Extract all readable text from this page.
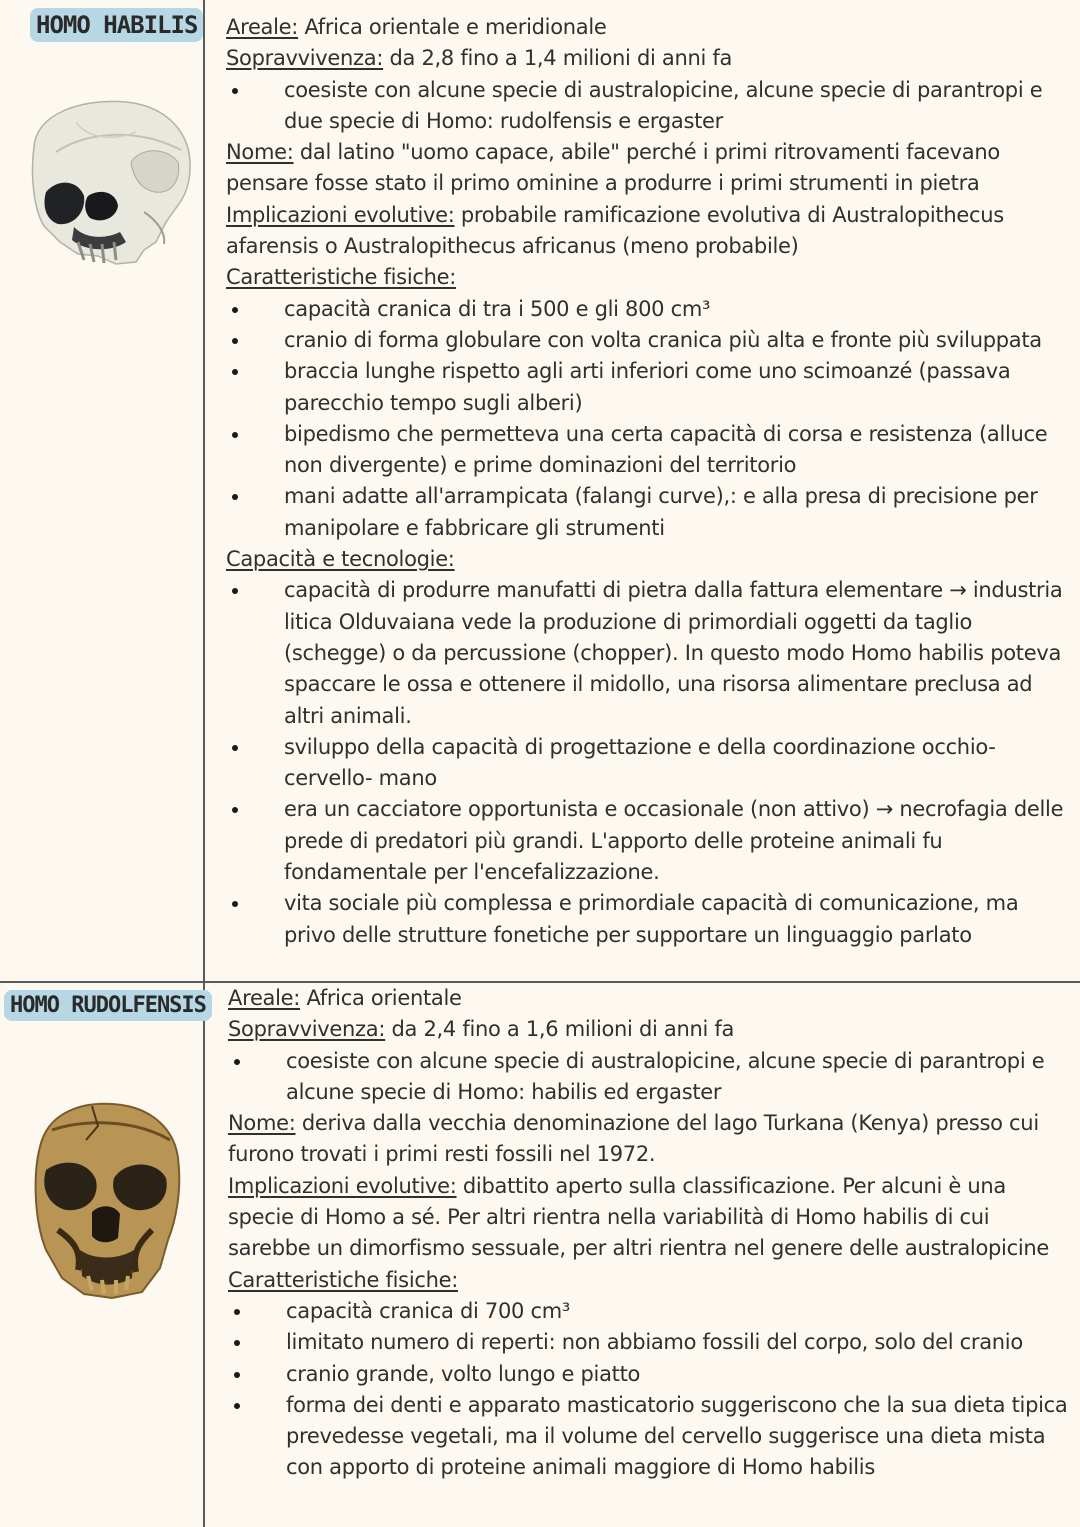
HOMO HABILIS Areale: Africa orientale e meridionale

Sopravvivenza: da 2,8 fino a 1,4 milioni di anni fa

coesiste con alcune specie di australopicine, alcune specie di parantropi e due specie di Homo: rudolfensis e ergaster

Nome: dal latino "uomo capace, abile" perché i primi ritrovamenti facevano pensare fosse stato il primo ominine a produrre i primi strumenti in pietra

Implicazioni evolutive: probabile ramificazione evolutiva di Australopithecus afarensis o Australopithecus africanus (meno probabile)

Caratteristiche fisiche:

capacità cranica di tra i 500 e gli 800 cm³
cranio di forma globulare con volta cranica più alta e fronte più sviluppata
braccia lunghe rispetto agli arti inferiori come uno scimoanzé (passava parecchio tempo sugli alberi)
bipedismo che permetteva una certa capacità di corsa e resistenza (alluce non divergente) e prime dominazioni del territorio
mani adatte all'arrampicata (falangi curve),: e alla presa di precisione per manipolare e fabbricare gli strumenti

Capacità e tecnologie:

capacità di produrre manufatti di pietra dalla fattura elementare → industria litica Olduvaiana vede la produzione di primordiali oggetti da taglio (schegge) o da percussione (chopper). In questo modo Homo habilis poteva spaccare le ossa e ottenere il midollo, una risorsa alimentare preclusa ad altri animali.
sviluppo della capacità di progettazione e della coordinazione occhio-cervello- mano
era un cacciatore opportunista e occasionale (non attivo) → necrofagia delle prede di predatori più grandi. L'apporto delle proteine animali fu fondamentale per l'encefalizzazione.
vita sociale più complessa e primordiale capacità di comunicazione, ma privo delle strutture fonetiche per supportare un linguaggio parlato
HOMO RUDOLFENSIS Areale: Africa orientale

Sopravvivenza: da 2,4 fino a 1,6 milioni di anni fa

coesiste con alcune specie di australopicine, alcune specie di parantropi e alcune specie di Homo: habilis ed ergaster

Nome: deriva dalla vecchia denominazione del lago Turkana (Kenya) presso cui furono trovati i primi resti fossili nel 1972.

Implicazioni evolutive: dibattito aperto sulla classificazione. Per alcuni è una specie di Homo a sé. Per altri rientra nella variabilità di Homo habilis di cui sarebbe un dimorfismo sessuale, per altri rientra nel genere delle australopicine

Caratteristiche fisiche:

capacità cranica di 700 cm³
limitato numero di reperti: non abbiamo fossili del corpo, solo del cranio
cranio grande, volto lungo e piatto
forma dei denti e apparato masticatorio suggeriscono che la sua dieta tipica prevedesse vegetali, ma il volume del cervello suggerisce una dieta mista con apporto di proteine animali maggiore di Homo habilis
